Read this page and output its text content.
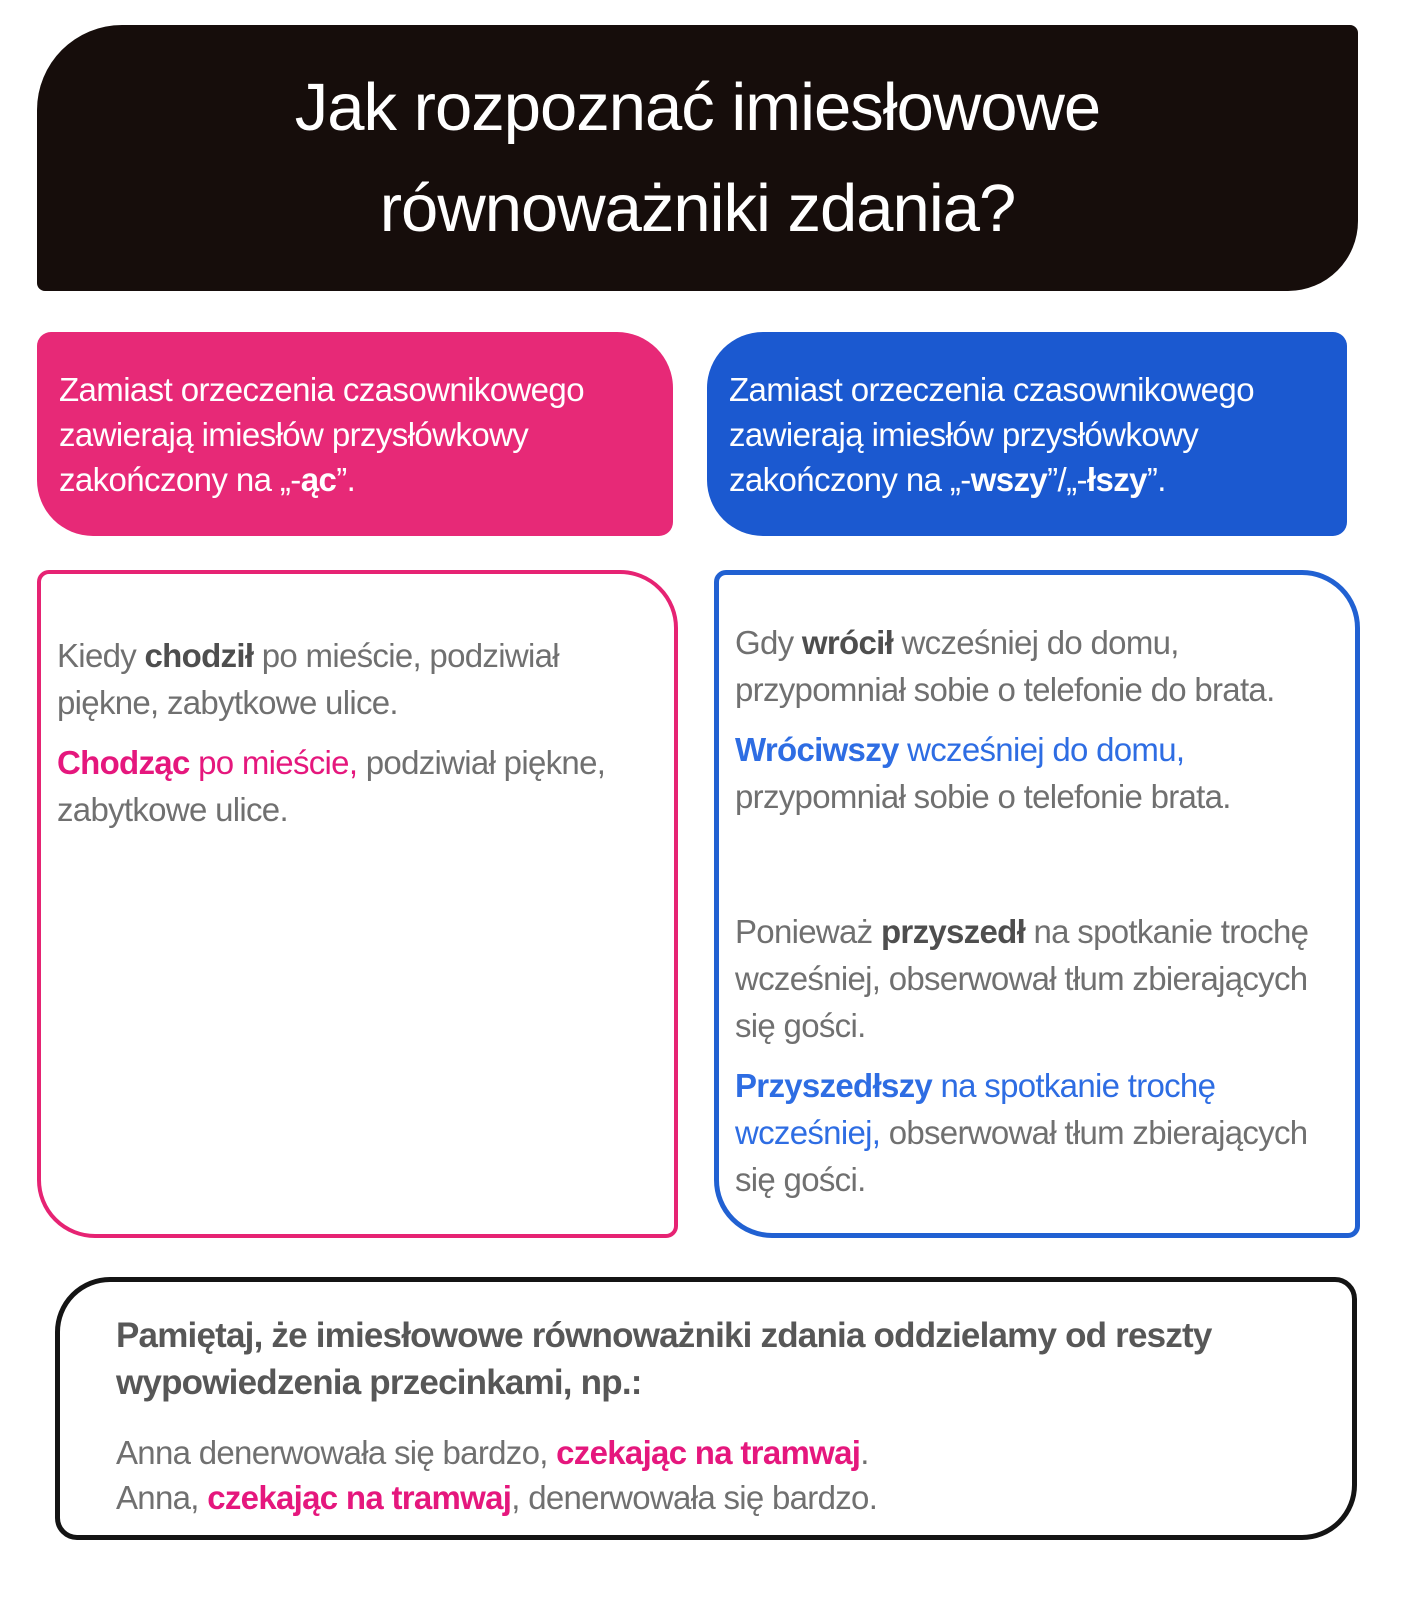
Jak rozpoznać imiesłowowe równoważniki zdania?
Zamiast orzeczenia czasownikowego zawierają imiesłów przysłówkowy zakończony na „-ąc”.
Zamiast orzeczenia czasownikowego zawierają imiesłów przysłówkowy zakończony na „-wszy”/„-łszy”.

Kiedy chodził po mieście, podziwiał piękne, zabytkowe ulice.

Chodząc po mieście, podziwiał piękne, zabytkowe ulice.

Gdy wrócił wcześniej do domu, przypomniał sobie o telefonie do brata.

Wróciwszy wcześniej do domu, przypomniał sobie o telefonie brata.

Ponieważ przyszedł na spotkanie trochę wcześniej, obserwował tłum zbierających się gości.

Przyszedłszy na spotkanie trochę wcześniej, obserwował tłum zbierających się gości.

Pamiętaj, że imiesłowowe równoważniki zdania oddzielamy od reszty wypowiedzenia przecinkami, np.:
Anna denerwowała się bardzo, czekając na tramwaj.
Anna, czekając na tramwaj, denerwowała się bardzo.
